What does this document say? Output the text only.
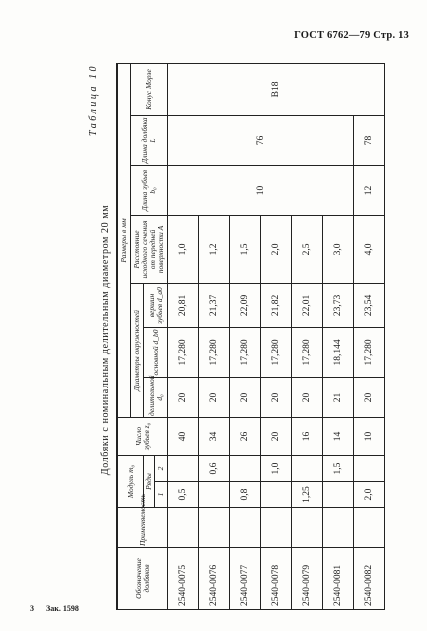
ГОСТ 6762—79 Стр. 13
Таблица 10
Долбяки с номинальным делительным диаметром 20 мм
Обозначение долбяков	Применяемость	Модуль m₀		Число зубьев z₀	Размеры в мм						
					Диаметры окружностей			Расстояние исходного сечения от передней поверхности A	Длина зубьев b₀	Длина долбяка L	Конус Морзе
		Ряды			делительной d₀	основной d_b0	вершин зубьев d_a0				
		1	2								
2540-0075		0,5		40	20	17,280	20,81	1,0	10	76	B18
2540-0076			0,6	34	20	17,280	21,37	1,2			
2540-0077		0,8		26	20	17,280	22,09	1,5			
2540-0078			1,0	20	20	17,280	21,82	2,0			
2540-0079		1,25		16	20	17,280	22,01	2,5			
2540-0081			1,5	14	21	18,144	23,73	3,0			
2540-0082		2,0		10	20	17,280	23,54	4,0	12	78	
3 Зак. 1598
